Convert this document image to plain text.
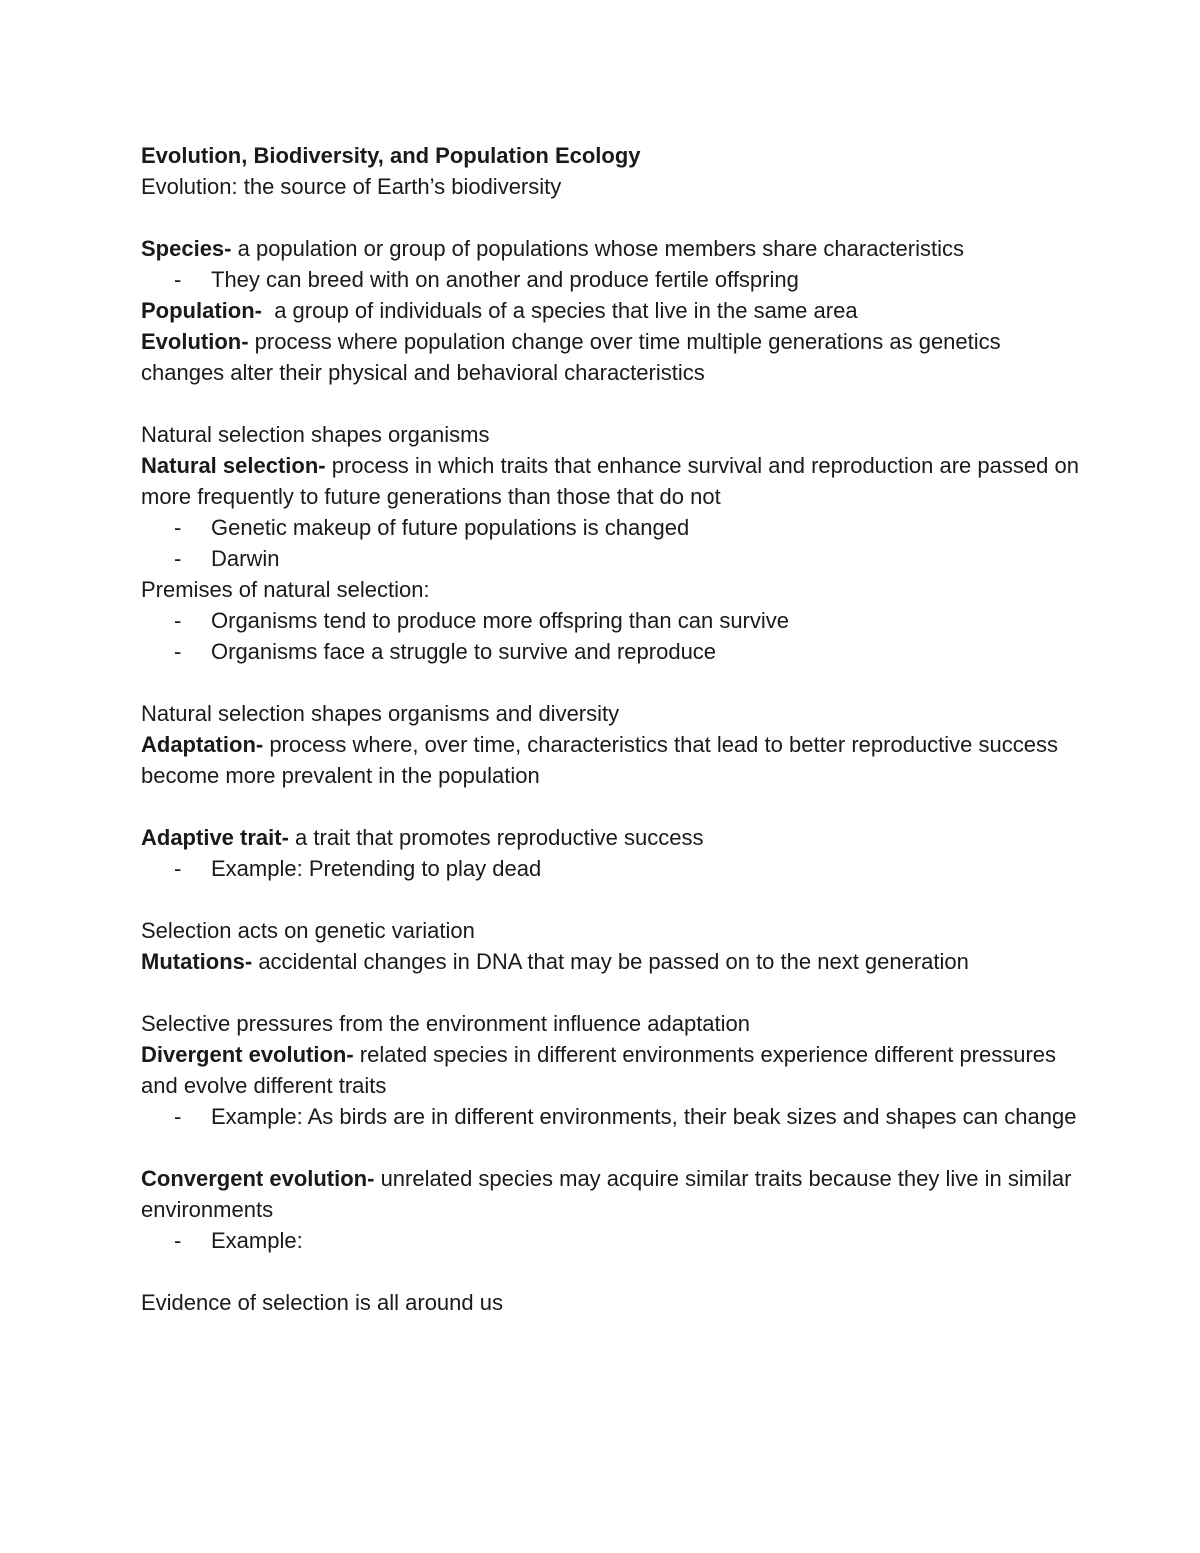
Evolution, Biodiversity, and Population Ecology
Evolution: the source of Earth’s biodiversity
Species- a population or group of populations whose members share characteristics
-	They can breed with on another and produce fertile offspring
Population-  a group of individuals of a species that live in the same area
Evolution- process where population change over time multiple generations as genetics changes alter their physical and behavioral characteristics
Natural selection shapes organisms
Natural selection- process in which traits that enhance survival and reproduction are passed on more frequently to future generations than those that do not
-	Genetic makeup of future populations is changed
-	Darwin
Premises of natural selection:
-	Organisms tend to produce more offspring than can survive
-	Organisms face a struggle to survive and reproduce
Natural selection shapes organisms and diversity
Adaptation- process where, over time, characteristics that lead to better reproductive success become more prevalent in the population
Adaptive trait- a trait that promotes reproductive success
-	Example: Pretending to play dead
Selection acts on genetic variation
Mutations- accidental changes in DNA that may be passed on to the next generation
Selective pressures from the environment influence adaptation
Divergent evolution- related species in different environments experience different pressures and evolve different traits
-	Example: As birds are in different environments, their beak sizes and shapes can change
Convergent evolution- unrelated species may acquire similar traits because they live in similar environments
-	Example:
Evidence of selection is all around us
